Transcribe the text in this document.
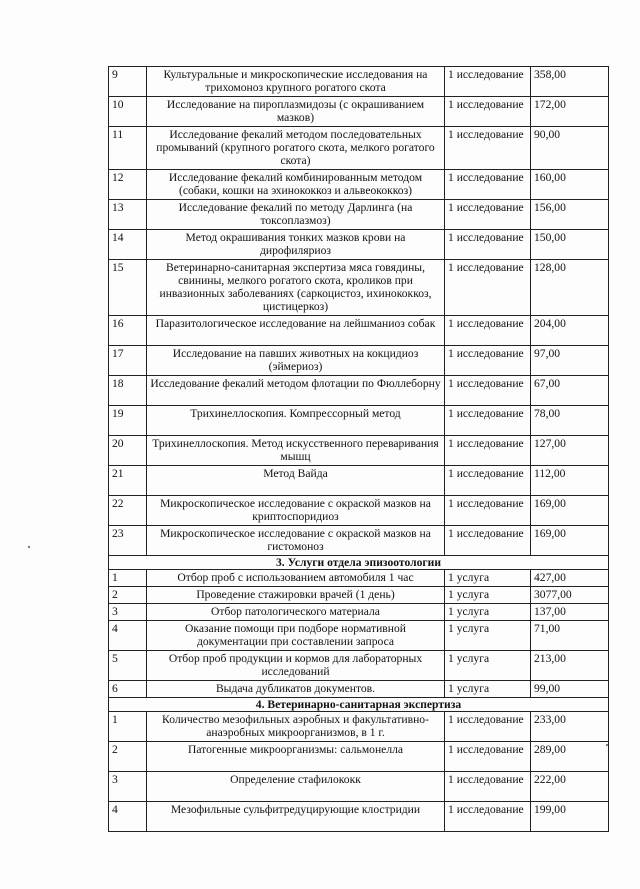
9	Культуральные и микроскопические исследования на трихомоноз крупного рогатого скота	1 исследование	358,00
10	Исследование на пироплазмидозы (с окрашиванием мазков)	1 исследование	172,00
11	Исследование фекалий методом последовательных промываний (крупного рогатого скота, мелкого рогатого скота)	1 исследование	90,00
12	Исследование фекалий комбинированным методом (собаки, кошки на эхинококкоз и альвеококкоз)	1 исследование	160,00
13	Исследование фекалий по методу Дарлинга (на токсоплазмоз)	1 исследование	156,00
14	Метод окрашивания тонких мазков крови на дирофиляриоз	1 исследование	150,00
15	Ветеринарно-санитарная экспертиза мяса говядины, свинины, мелкого рогатого скота, кроликов при инвазионных заболеваниях (саркоцистоз, ихинококкоз, цистицеркоз)	1 исследование	128,00
16	Паразитологическое исследование на лейшманиоз собак	1 исследование	204,00
17	Исследование на павших животных на кокцидиоз (эймериоз)	1 исследование	97,00
18	Исследование фекалий методом флотации по Фюллеборну	1 исследование	67,00
19	Трихинеллоскопия. Компрессорный метод	1 исследование	78,00
20	Трихинеллоскопия. Метод искусственного переваривания мышц	1 исследование	127,00
21	Метод Вайда	1 исследование	112,00
22	Микроскопическое исследование с окраской мазков на криптоспоридиоз	1 исследование	169,00
23	Микроскопическое исследование с окраской мазков на гистомоноз	1 исследование	169,00
3. Услуги отдела эпизоотологии			
1	Отбор проб с использованием автомобиля 1 час	1 услуга	427,00
2	Проведение стажировки врачей (1 день)	1 услуга	3077,00
3	Отбор патологического материала	1 услуга	137,00
4	Оказание помощи при подборе нормативной документации при составлении запроса	1 услуга	71,00
5	Отбор проб продукции и кормов для лабораторных исследований	1 услуга	213,00
6	Выдача дубликатов документов.	1 услуга	99,00
4. Ветеринарно-санитарная экспертиза			
1	Количество мезофильных аэробных и факультативно-анаэробных микроорганизмов, в 1 г.	1 исследование	233,00
2	Патогенные микроорганизмы: сальмонелла	1 исследование	289,00
3	Определение стафилококк	1 исследование	222,00
4	Мезофильные сульфитредуцирующие клостридии	1 исследование	199,00
